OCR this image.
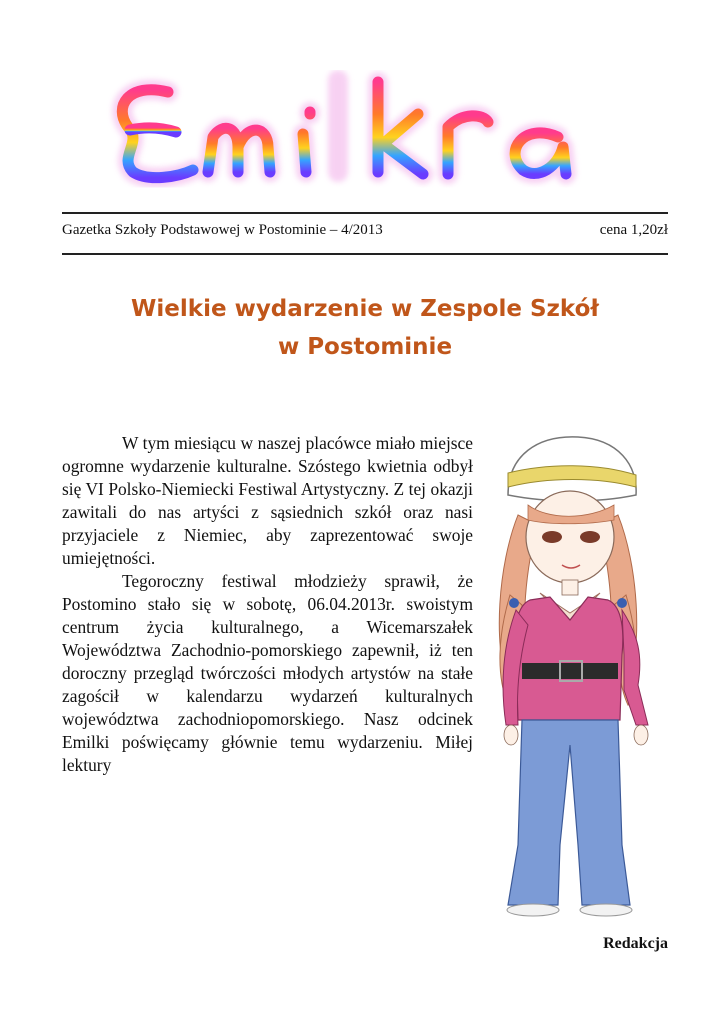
Gazetka Szkoły Podstawowej w Postominie – 4/2013	cena 1,20zł
Wielkie wydarzenie w Zespole Szkół
w Postominie

W tym miesiącu w naszej placówce miało miejsce ogromne wydarzenie kulturalne. Szóstego kwietnia odbył się VI Polsko-Niemiecki Festiwal Artystyczny. Z tej okazji zawitali do nas artyści z sąsiednich szkół oraz nasi przyjaciele z Niemiec, aby zaprezentować swoje umiejętności.

Tegoroczny festiwal młodzieży sprawił, że Postomino stało się w sobotę, 06.04.2013r. swoistym centrum życia kulturalnego, a Wicemarszałek Województwa Zachodnio-pomorskiego zapewnił, iż ten doroczny przegląd twórczości młodych artystów na stałe zagościł w kalendarzu wydarzeń kulturalnych województwa zachodniopomorskiego. Nasz odcinek Emilki poświęcamy głównie temu wydarzeniu. Miłej lektury

Redakcja
